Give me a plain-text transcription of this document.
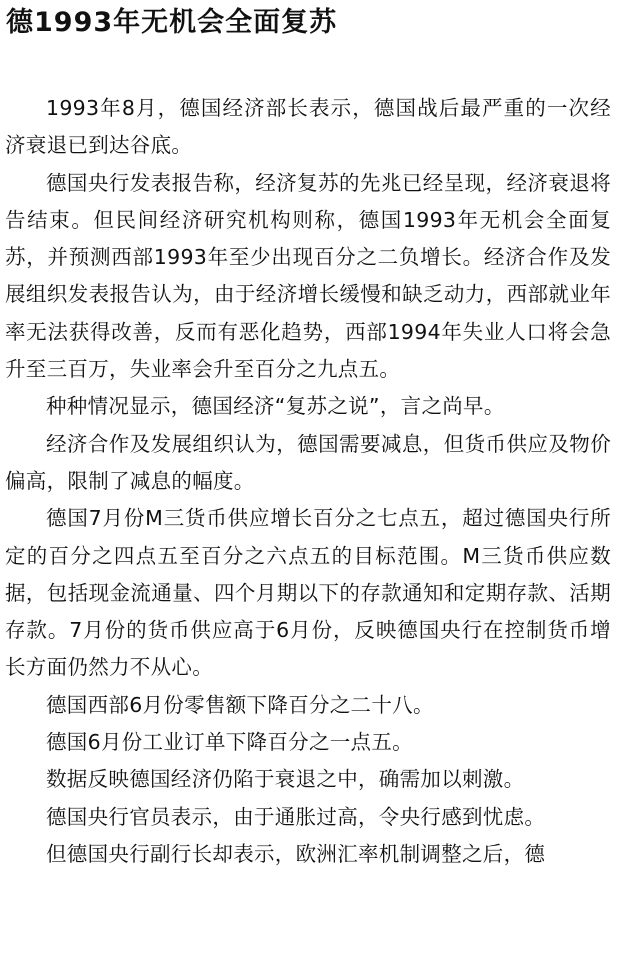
德1993年无机会全面复苏

1993年8月，德国经济部长表示，德国战后最严重的一次经济衰退已到达谷底。

德国央行发表报告称，经济复苏的先兆已经呈现，经济衰退将告结束。但民间经济研究机构则称，德国1993年无机会全面复苏，并预测西部1993年至少出现百分之二负增长。经济合作及发展组织发表报告认为，由于经济增长缓慢和缺乏动力，西部就业年率无法获得改善，反而有恶化趋势，西部1994年失业人口将会急升至三百万，失业率会升至百分之九点五。

种种情况显示，德国经济“复苏之说”，言之尚早。

经济合作及发展组织认为，德国需要减息，但货币供应及物价偏高，限制了减息的幅度。

德国7月份M三货币供应增长百分之七点五，超过德国央行所定的百分之四点五至百分之六点五的目标范围。M三货币供应数据，包括现金流通量、四个月期以下的存款通知和定期存款、活期存款。7月份的货币供应高于6月份，反映德国央行在控制货币增长方面仍然力不从心。

德国西部6月份零售额下降百分之二十八。

德国6月份工业订单下降百分之一点五。

数据反映德国经济仍陷于衰退之中，确需加以刺激。

德国央行官员表示，由于通胀过高，令央行感到忧虑。

但德国央行副行长却表示，欧洲汇率机制调整之后，德
